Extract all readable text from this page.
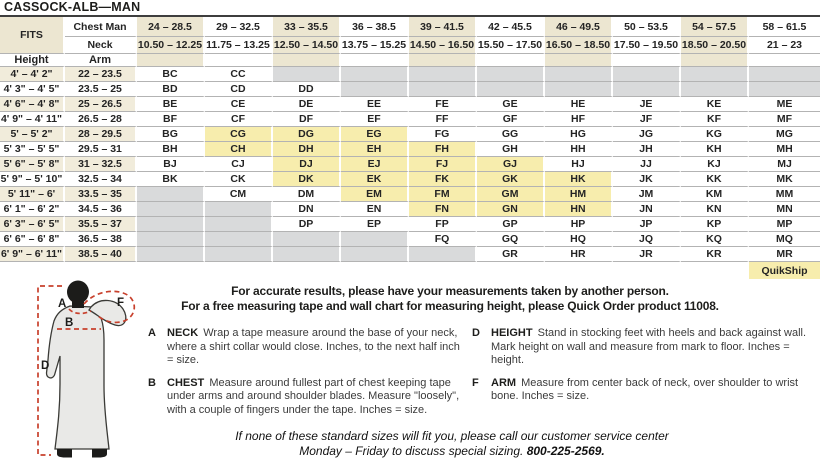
CASSOCK-ALB—MAN
FITS	Chest Man	24 – 28.5	29 – 32.5	33 – 35.5	36 – 38.5	39 – 41.5	42 – 45.5	46 – 49.5	50 – 53.5	54 – 57.5	58 – 61.5
	Neck	10.50 – 12.25	11.75 – 13.25	12.50 – 14.50	13.75 – 15.25	14.50 – 16.50	15.50 – 17.50	16.50 – 18.50	17.50 – 19.50	18.50 – 20.50	21 – 23
Height	Arm										
4' – 4' 2"	22 – 23.5	BC	CC								
4' 3" – 4' 5"	23.5 – 25	BD	CD	DD							
4' 6" – 4' 8"	25 – 26.5	BE	CE	DE	EE	FE	GE	HE	JE	KE	ME
4' 9" – 4' 11"	26.5 – 28	BF	CF	DF	EF	FF	GF	HF	JF	KF	MF
5' – 5' 2"	28 – 29.5	BG	CG	DG	EG	FG	GG	HG	JG	KG	MG
5' 3" – 5' 5"	29.5 – 31	BH	CH	DH	EH	FH	GH	HH	JH	KH	MH
5' 6" – 5' 8"	31 – 32.5	BJ	CJ	DJ	EJ	FJ	GJ	HJ	JJ	KJ	MJ
5' 9" – 5' 10"	32.5 – 34	BK	CK	DK	EK	FK	GK	HK	JK	KK	MK
5' 11" – 6'	33.5 – 35		CM	DM	EM	FM	GM	HM	JM	KM	MM
6' 1" – 6' 2"	34.5 – 36			DN	EN	FN	GN	HN	JN	KN	MN
6' 3" – 6' 5"	35.5 – 37			DP	EP	FP	GP	HP	JP	KP	MP
6' 6" – 6' 8"	36.5 – 38					FQ	GQ	HQ	JQ	KQ	MQ
6' 9" – 6' 11"	38.5 – 40						GR	HR	JR	KR	MR
											QuikShip
A
B
D
F
For accurate results, please have your measurements taken by another person.
For a free measuring tape and wall chart for measuring height, please Quick Order product 11008.
A NECK Wrap a tape measure around the base of your neck, where a shirt collar would close. Inches, to the next half inch = size.
B CHEST Measure around fullest part of chest keeping tape under arms and around shoulder blades. Measure "loosely", with a couple of fingers under the tape. Inches = size.
D HEIGHT Stand in stocking feet with heels and back against wall. Mark height on wall and measure from mark to floor. Inches = height.
F ARM Measure from center back of neck, over shoulder to wrist bone. Inches = size.
If none of these standard sizes will fit you, please call our customer service center
Monday – Friday to discuss special sizing. 800-225-2569.
